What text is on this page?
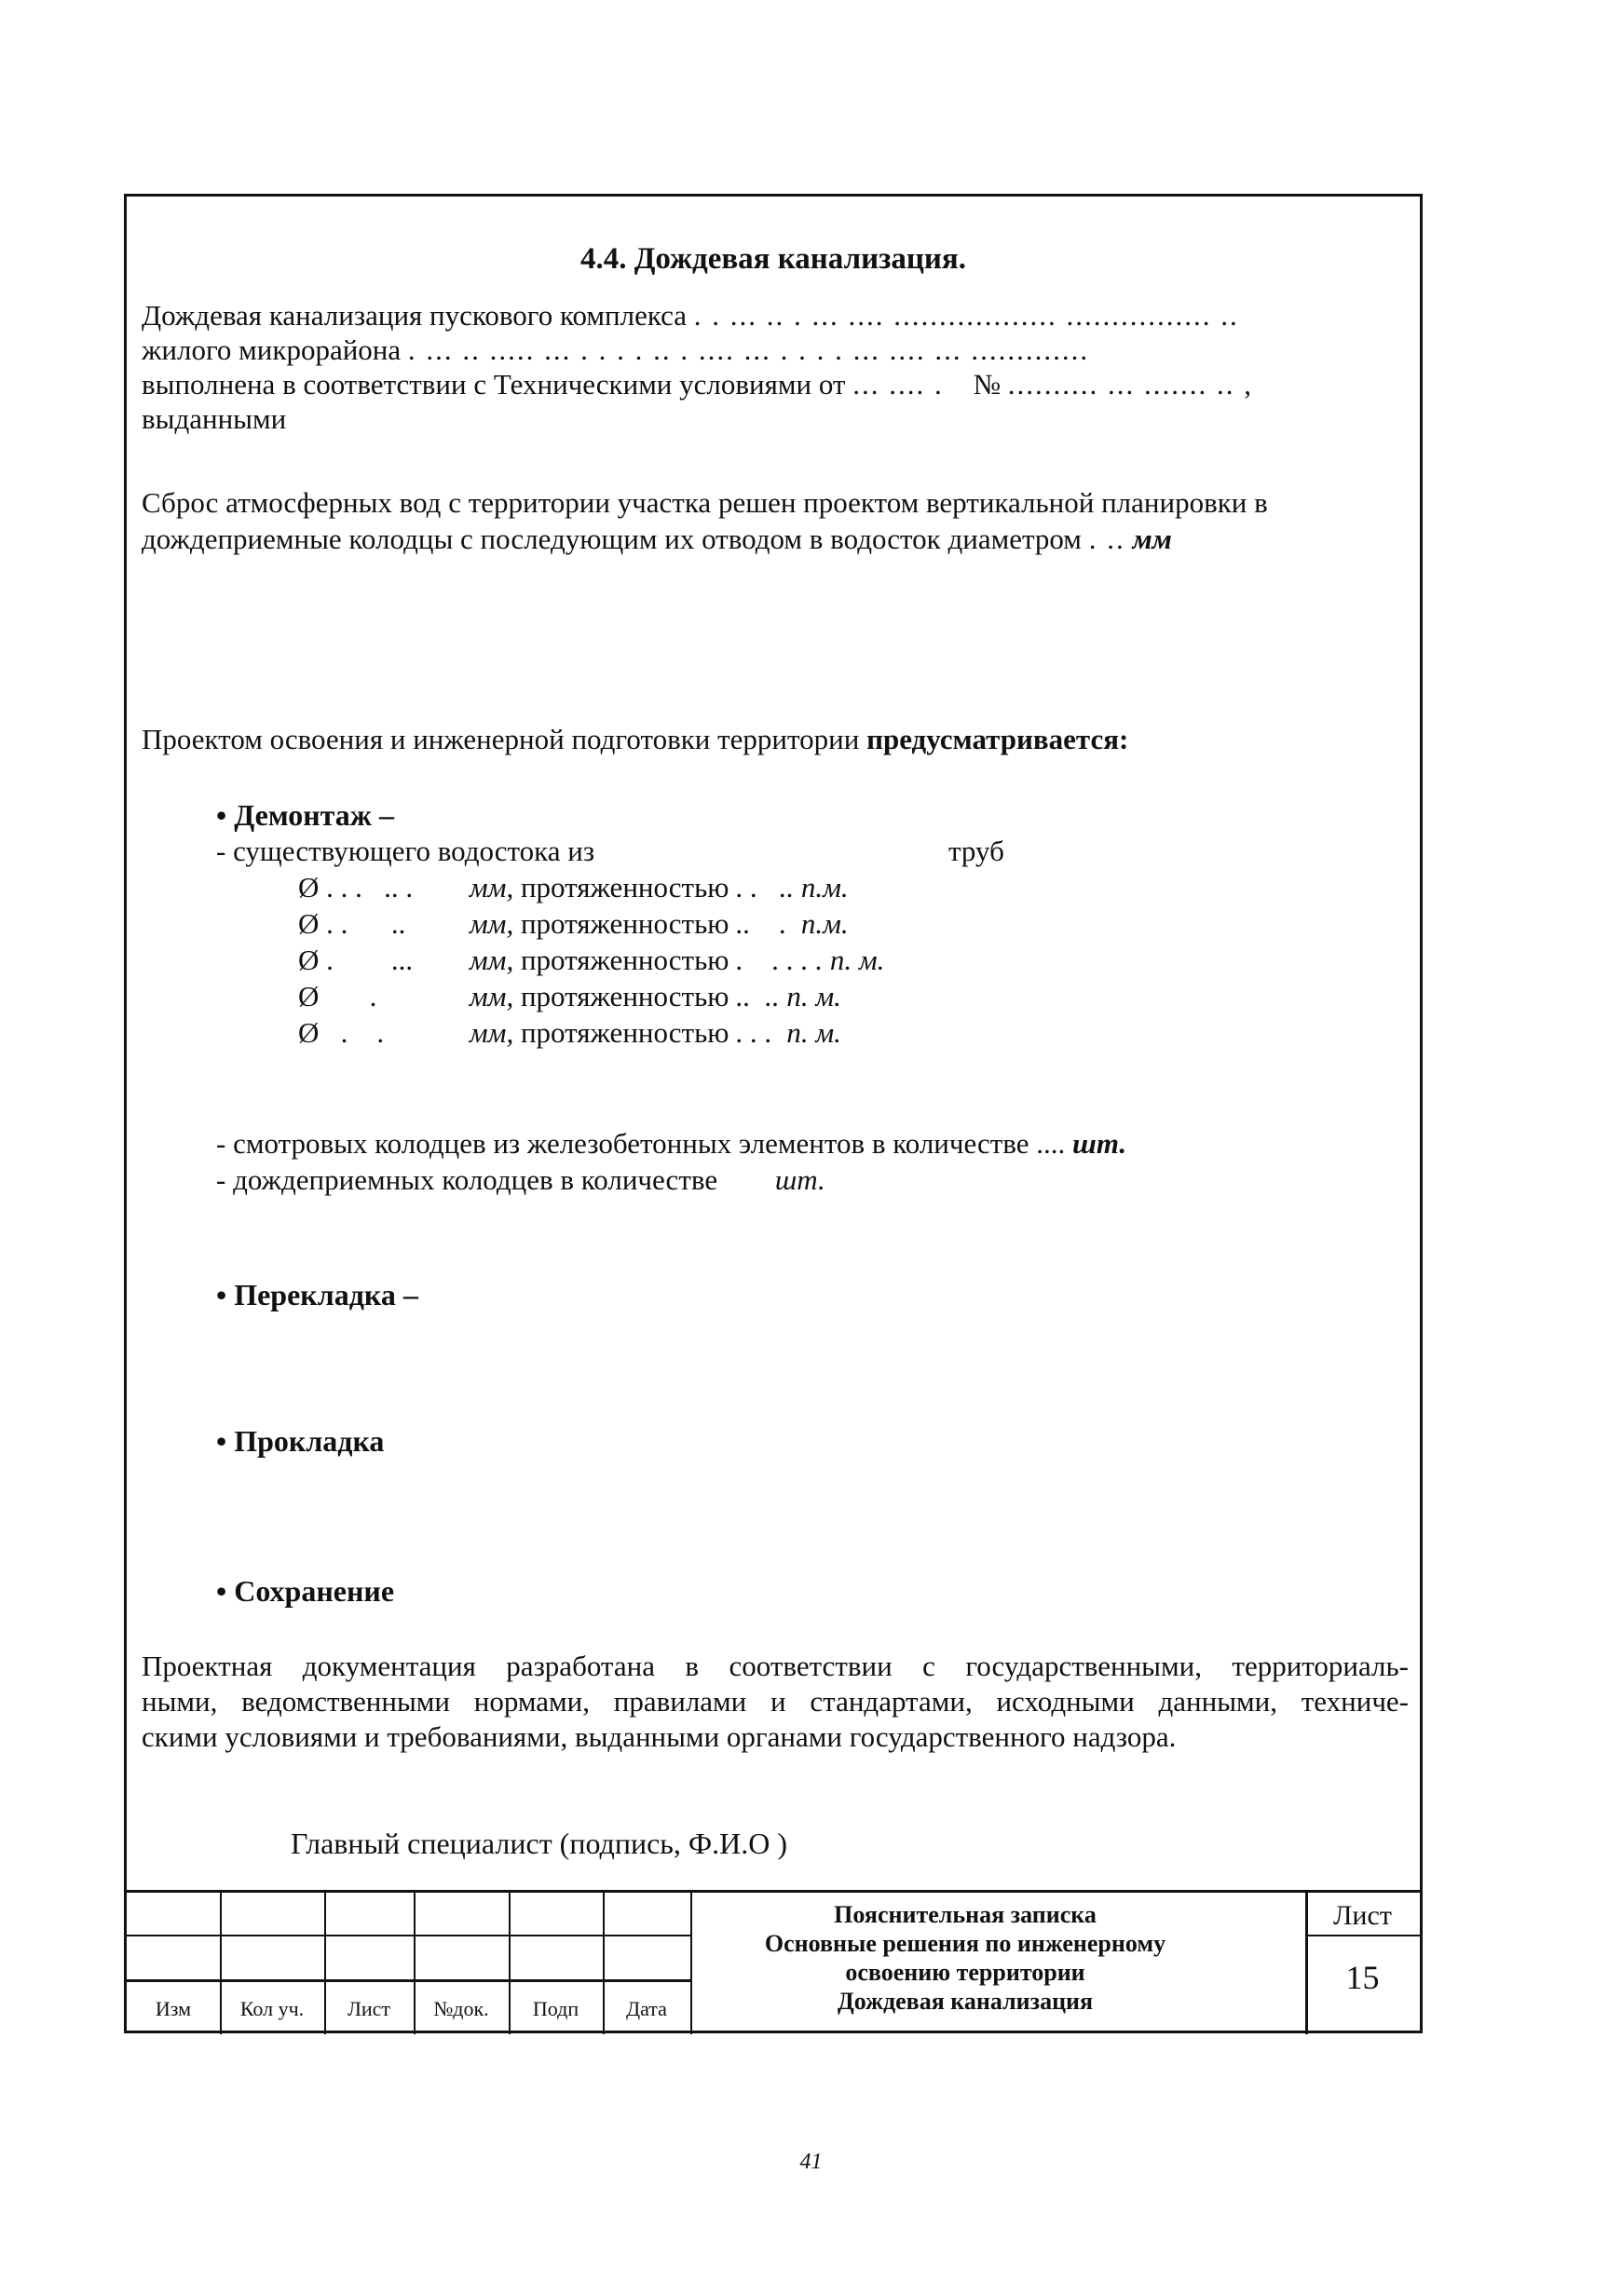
4.4. Дождевая канализация.
Дождевая канализация пускового комплекса . . ... .. . ... .... .................. ................ ..
жилого микрорайона . ... .. ..... ... . . . . .. . .... ... . . . . ... .... ... .............
выполнена в соответствии с Техническими условиями от ... .... . № .......... ... ....... .. ,
выданными
Сброс атмосферных вод с территории участка решен проектом вертикальной планировки в
дождеприемные колодцы с последующим их отводом в водосток диаметром . .. мм
Проектом освоения и инженерной подготовки территории предусматривается:
• Демонтаж –
- существующего водостока из	труб
Ø . . .   .. . мм, протяженностью . .   .. п.м.
Ø . .      .. мм, протяженностью ..    .  п.м.
Ø .        ... мм, протяженностью .    . . . . п. м.
Ø       .	мм, протяженностью ..  .. п. м.
Ø   .    .	мм, протяженностью . . .  п. м.
- смотровых колодцев из железобетонных элементов в количестве .... шт.
- дождеприемных колодцев в количестве шт.
• Перекладка –
• Прокладка
• Сохранение
Проектная документация разработана в соответствии с государственными, территориаль-
ными, ведомственными нормами, правилами и стандартами, исходными данными, техниче-
скими условиями и требованиями, выданными органами государственного надзора.
Главный специалист (подпись, Ф.И.О )
Изм	Кол уч.	Лист	№док.	Подп	Дата
Пояснительная записка
Основные решения по инженерному
освоению территории
Дождевая канализация
Лист
15
41
